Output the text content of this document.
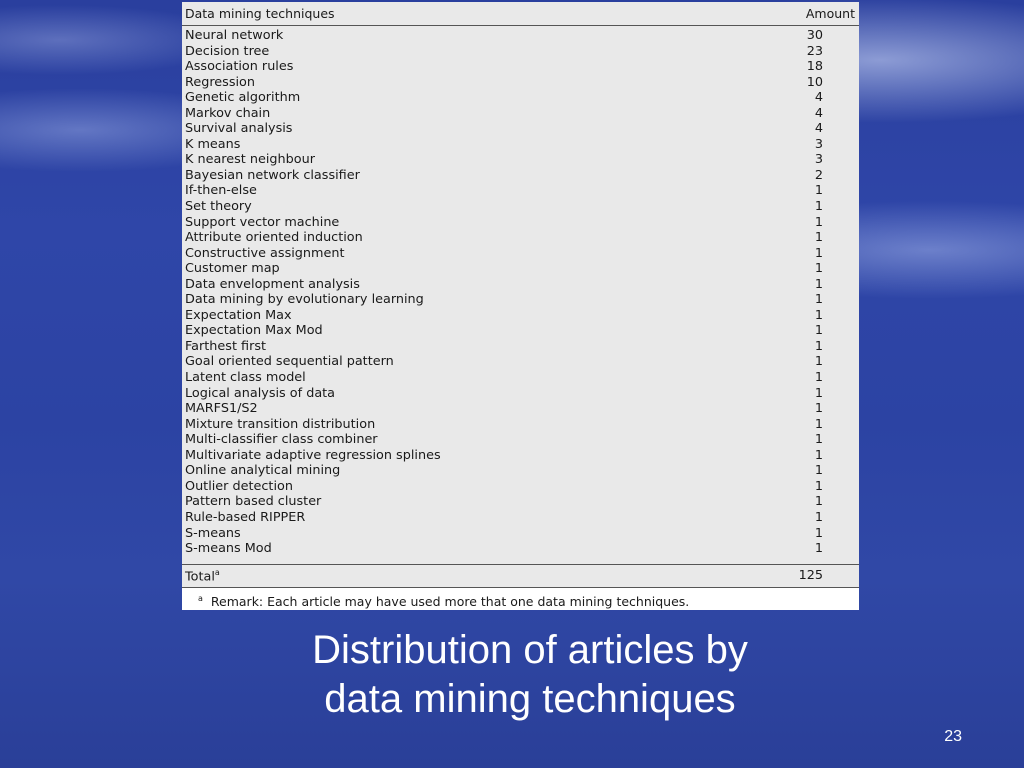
Data mining techniques	Amount
Neural network	30
Decision tree	23
Association rules	18
Regression	10
Genetic algorithm	4
Markov chain	4
Survival analysis	4
K means	3
K nearest neighbour	3
Bayesian network classifier	2
If-then-else	1
Set theory	1
Support vector machine	1
Attribute oriented induction	1
Constructive assignment	1
Customer map	1
Data envelopment analysis	1
Data mining by evolutionary learning	1
Expectation Max	1
Expectation Max Mod	1
Farthest first	1
Goal oriented sequential pattern	1
Latent class model	1
Logical analysis of data	1
MARFS1/S2	1
Mixture transition distribution	1
Multi-classifier class combiner	1
Multivariate adaptive regression splines	1
Online analytical mining	1
Outlier detection	1
Pattern based cluster	1
Rule-based RIPPER	1
S-means	1
S-means Mod	1
Total$^a$	125
$^a$ Remark: Each article may have used more that one data mining techniques.
Distribution of articles by
data mining techniques
23
